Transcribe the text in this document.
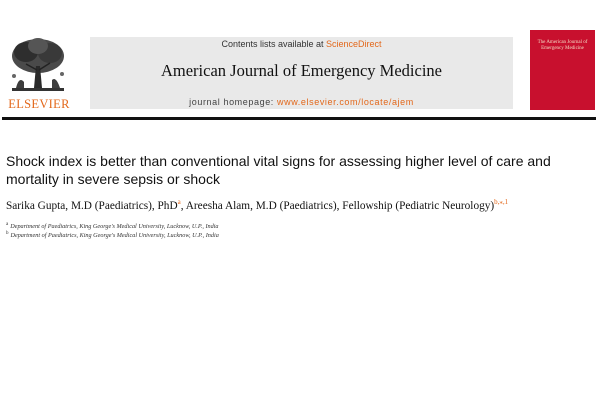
ELSEVIER
Contents lists available at ScienceDirect
American Journal of Emergency Medicine
journal homepage: www.elsevier.com/locate/ajem
The American Journal of Emergency Medicine
Shock index is better than conventional vital signs for assessing higher level of care and mortality in severe sepsis or shock
Sarika Gupta, M.D (Paediatrics), PhD$^a$, Areesha Alam, M.D (Paediatrics), Fellowship (Pediatric Neurology)$^{b,⁎,1}$
$^a$ Department of Paediatrics, King George's Medical University, Lucknow, U.P., India
$^b$ Department of Paediatrics, King George's Medical University, Lucknow, U.P., India
